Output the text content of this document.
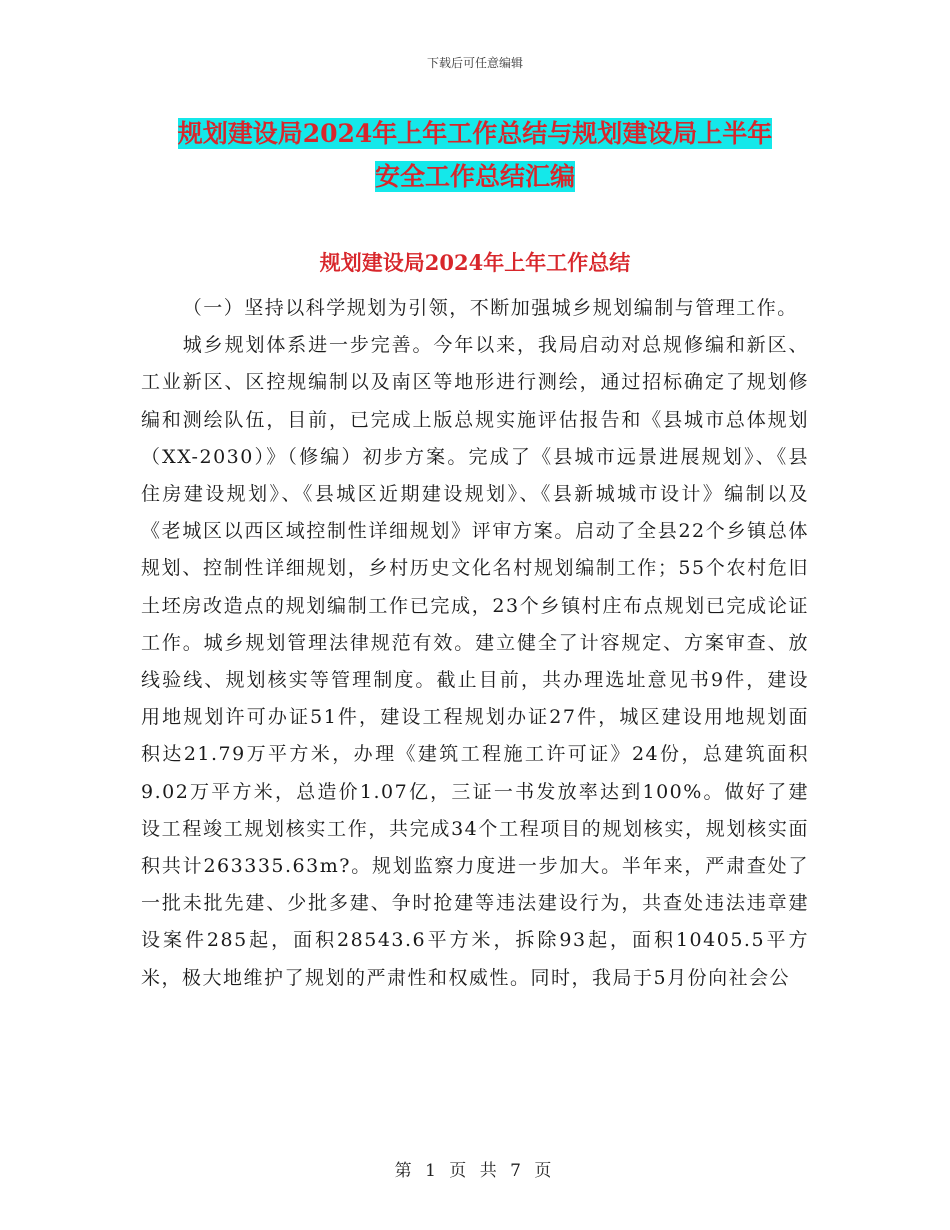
下载后可任意编辑
规划建设局2024年上年工作总结与规划建设局上半年
安全工作总结汇编
规划建设局2024年上年工作总结

（一）坚持以科学规划为引领，不断加强城乡规划编制与管理工作。

城乡规划体系进一步完善。今年以来，我局启动对总规修编和新区、工业新区、区控规编制以及南区等地形进行测绘，通过招标确定了规划修编和测绘队伍，目前，已完成上版总规实施评估报告和《县城市总体规划（XX-2030）》（修编）初步方案。完成了《县城市远景进展规划》、《县住房建设规划》、《县城区近期建设规划》、《县新城城市设计》编制以及《老城区以西区域控制性详细规划》评审方案。启动了全县22个乡镇总体规划、控制性详细规划，乡村历史文化名村规划编制工作；55个农村危旧土坯房改造点的规划编制工作已完成，23个乡镇村庄布点规划已完成论证工作。城乡规划管理法律规范有效。建立健全了计容规定、方案审查、放线验线、规划核实等管理制度。截止目前，共办理选址意见书9件，建设用地规划许可办证51件，建设工程规划办证27件，城区建设用地规划面积达21.79万平方米，办理《建筑工程施工许可证》24份，总建筑面积9.02万平方米，总造价1.07亿，三证一书发放率达到100%。做好了建设工程竣工规划核实工作，共完成34个工程项目的规划核实，规划核实面积共计263335.63m?。规划监察力度进一步加大。半年来，严肃查处了一批未批先建、少批多建、争时抢建等违法建设行为，共查处违法违章建设案件285起，面积28543.6平方米，拆除93起，面积10405.5平方米，极大地维护了规划的严肃性和权威性。同时，我局于5月份向社会公

第 1 页 共 7 页
